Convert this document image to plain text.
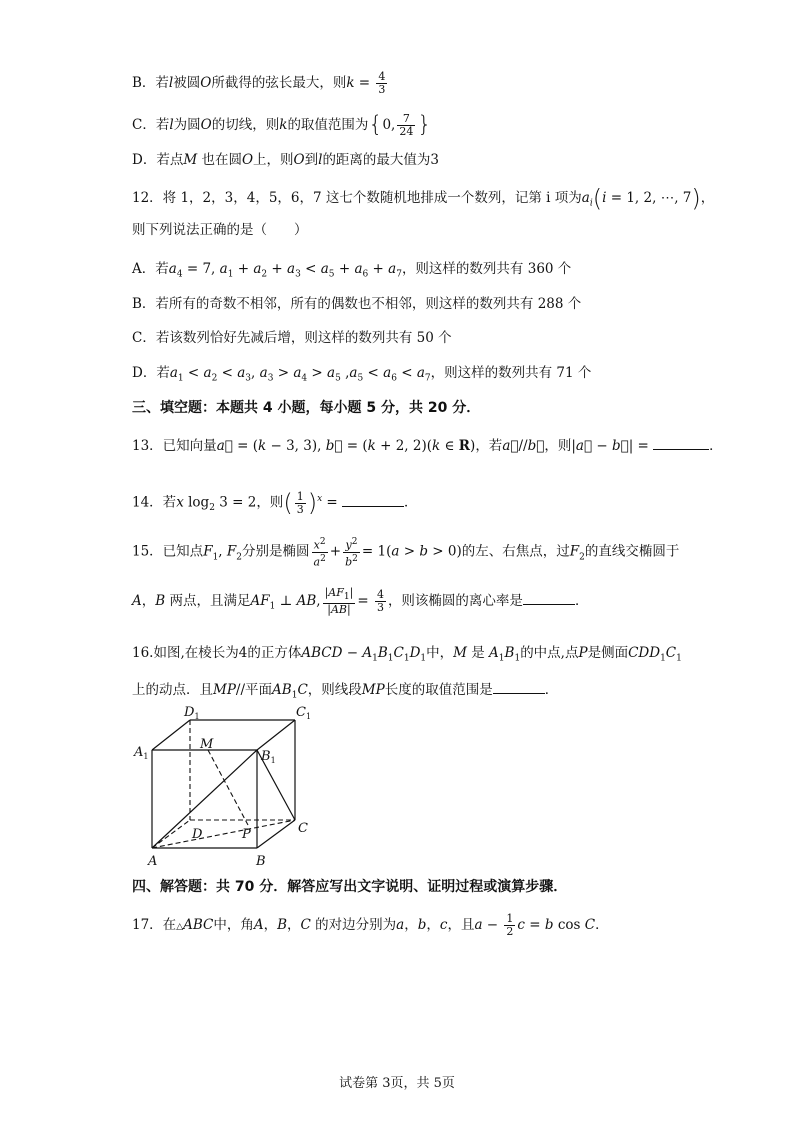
B．若l被圆O所截得的弦长最大，则$k = \frac{4}{3}$
C．若l为圆O的切线，则k的取值范围为{0, $\frac{7}{24}$ }
D．若点M 也在圆O上，则O到l的距离的最大值为3
12．将 1，2，3，4，5，6，7 这七个数随机地排成一个数列，记第 i 项为$a_i(i = 1$, 2, ⋯, 7)，
则下列说法正确的是（　　）
A．若$a_4 = 7$, $a_1 + a_2 + a_3 < a_5 + a_6 + a_7$，则这样的数列共有 360 个
B．若所有的奇数不相邻，所有的偶数也不相邻，则这样的数列共有 288 个
C．若该数列恰好先减后增，则这样的数列共有 50 个
D．若$a_1 < a_2 < a_3$, $a_3 > a_4 > a_5$ $,a_5 < a_6 < a_7$，则这样的数列共有 71 个
三、填空题：本题共 4 小题，每小题 5 分，共 20 分．
13．已知向量a⃗ = (k − 3, 3), b⃗ = (k + 2, 2)(k ∈ R)，若a⃗//b⃗，则|a⃗ − b⃗| =	．
14．若x $\log_2 3 = 2$，则( $\frac{1}{3} )^x$ =	．
15．已知点$F_1$, $F_2$分别是椭圆 $\frac{x^2}{a^2} + \frac{y^2}{b^2} = 1(a > b > 0)$的左、右焦点，过$F_2$的直线交椭圆于
A，B 两点，且满足$AF_1$ ⊥ AB, $\frac{|AF_1|}{|AB|} = \frac{4}{3}$ ，则该椭圆的离心率是	．
16.如图,在棱长为4的正方体ABCD − $A_1B_1C_1D_1$中，M 是 $A_1B_1$的中点,点P是侧面$CDD_1C_1$
上的动点．且MP//平面$AB_1C$，则线段MP长度的取值范围是	．
$D_1$	$C_1$
$A_1$
M
$B_1$
D	P	C
A	B
四、解答题：共 70 分．解答应写出文字说明、证明过程或演算步骤．
17．在△ABC中，角A，B，C 的对边分别为a，b，c，且$a - \frac{1}{2}$ c = b cos C．
试卷第 3页，共 5页
